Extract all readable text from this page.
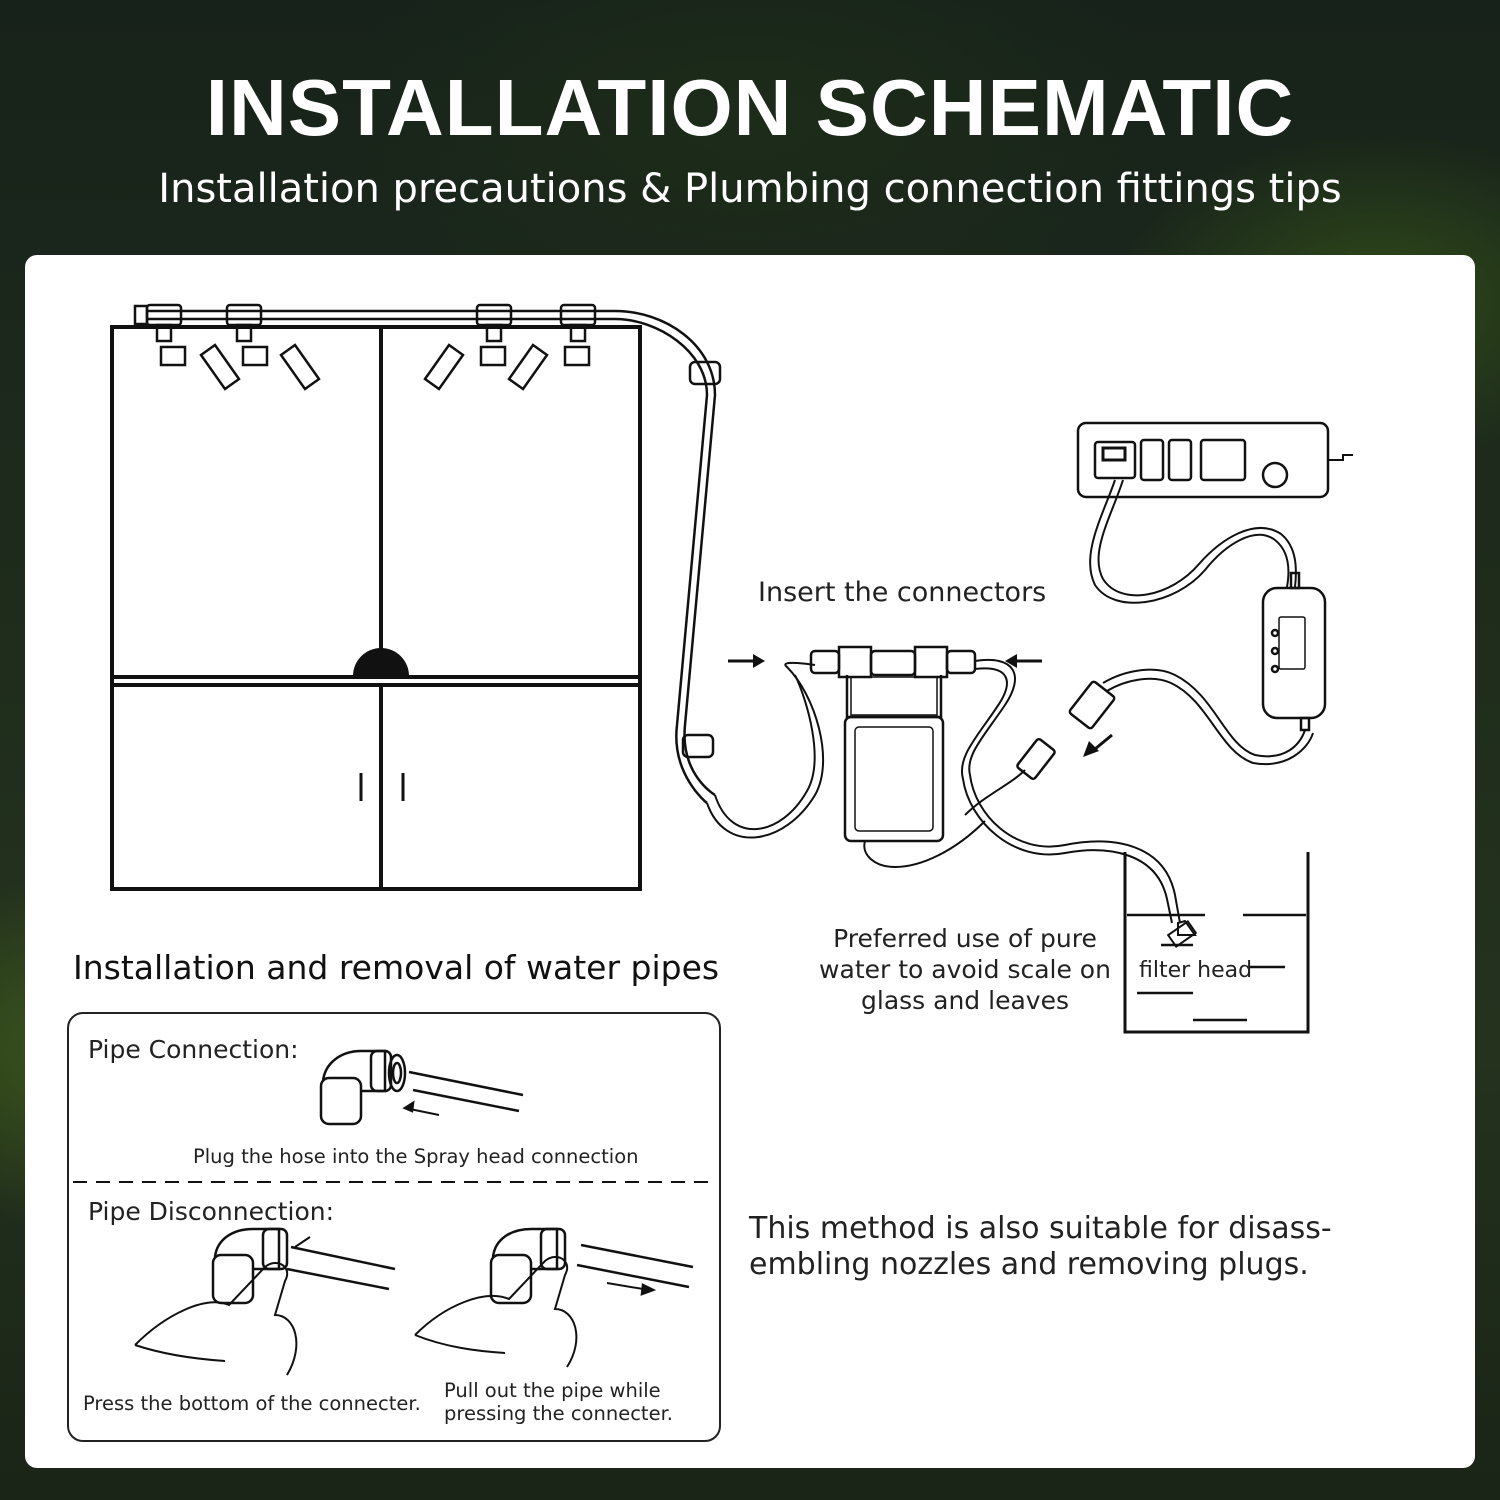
INSTALLATION SCHEMATIC
Installation precautions & Plumbing connection fittings tips
Insert the connectors
Preferred use of pure water to avoid scale on glass and leaves
filter head
Installation and removal of water pipes
Pipe Connection:
Plug the hose into the Spray head connection
Pipe Disconnection:
Press the bottom of the connecter.
Pull out the pipe while pressing the connecter.
This method is also suitable for disass-embling nozzles and removing plugs.
